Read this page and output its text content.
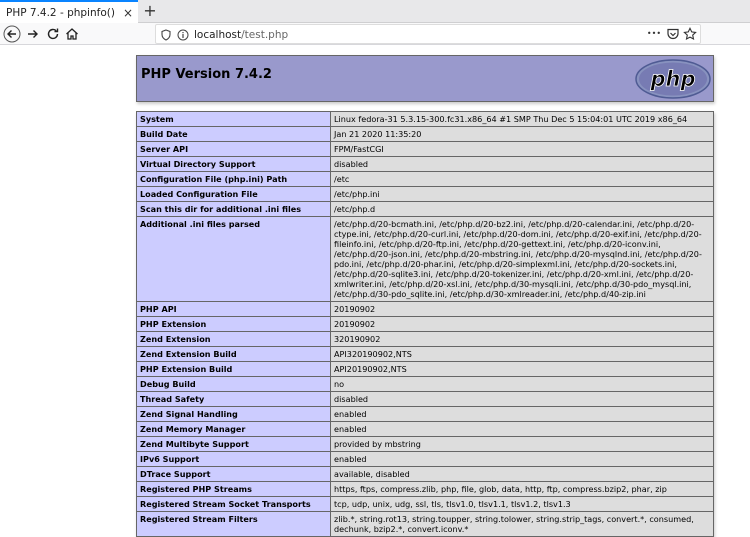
PHP 7.4.2 - phpinfo() × +
localhost/test.php	•••
PHP Version 7.4.2	php
System	Linux fedora-31 5.3.15-300.fc31.x86_64 #1 SMP Thu Dec 5 15:04:01 UTC 2019 x86_64
Build Date	Jan 21 2020 11:35:20
Server API	FPM/FastCGI
Virtual Directory Support	disabled
Configuration File (php.ini) Path	/etc
Loaded Configuration File	/etc/php.ini
Scan this dir for additional .ini files	/etc/php.d
Additional .ini files parsed	/etc/php.d/20-bcmath.ini, /etc/php.d/20-bz2.ini, /etc/php.d/20-calendar.ini, /etc/php.d/20-ctype.ini, /etc/php.d/20-curl.ini, /etc/php.d/20-dom.ini, /etc/php.d/20-exif.ini, /etc/php.d/20-fileinfo.ini, /etc/php.d/20-ftp.ini, /etc/php.d/20-gettext.ini, /etc/php.d/20-iconv.ini, /etc/php.d/20-json.ini, /etc/php.d/20-mbstring.ini, /etc/php.d/20-mysqlnd.ini, /etc/php.d/20-pdo.ini, /etc/php.d/20-phar.ini, /etc/php.d/20-simplexml.ini, /etc/php.d/20-sockets.ini, /etc/php.d/20-sqlite3.ini, /etc/php.d/20-tokenizer.ini, /etc/php.d/20-xml.ini, /etc/php.d/20-xmlwriter.ini, /etc/php.d/20-xsl.ini, /etc/php.d/30-mysqli.ini, /etc/php.d/30-pdo_mysql.ini, /etc/php.d/30-pdo_sqlite.ini, /etc/php.d/30-xmlreader.ini, /etc/php.d/40-zip.ini
PHP API	20190902
PHP Extension	20190902
Zend Extension	320190902
Zend Extension Build	API320190902,NTS
PHP Extension Build	API20190902,NTS
Debug Build	no
Thread Safety	disabled
Zend Signal Handling	enabled
Zend Memory Manager	enabled
Zend Multibyte Support	provided by mbstring
IPv6 Support	enabled
DTrace Support	available, disabled
Registered PHP Streams	https, ftps, compress.zlib, php, file, glob, data, http, ftp, compress.bzip2, phar, zip
Registered Stream Socket Transports	tcp, udp, unix, udg, ssl, tls, tlsv1.0, tlsv1.1, tlsv1.2, tlsv1.3
Registered Stream Filters	zlib.*, string.rot13, string.toupper, string.tolower, string.strip_tags, convert.*, consumed, dechunk, bzip2.*, convert.iconv.*
